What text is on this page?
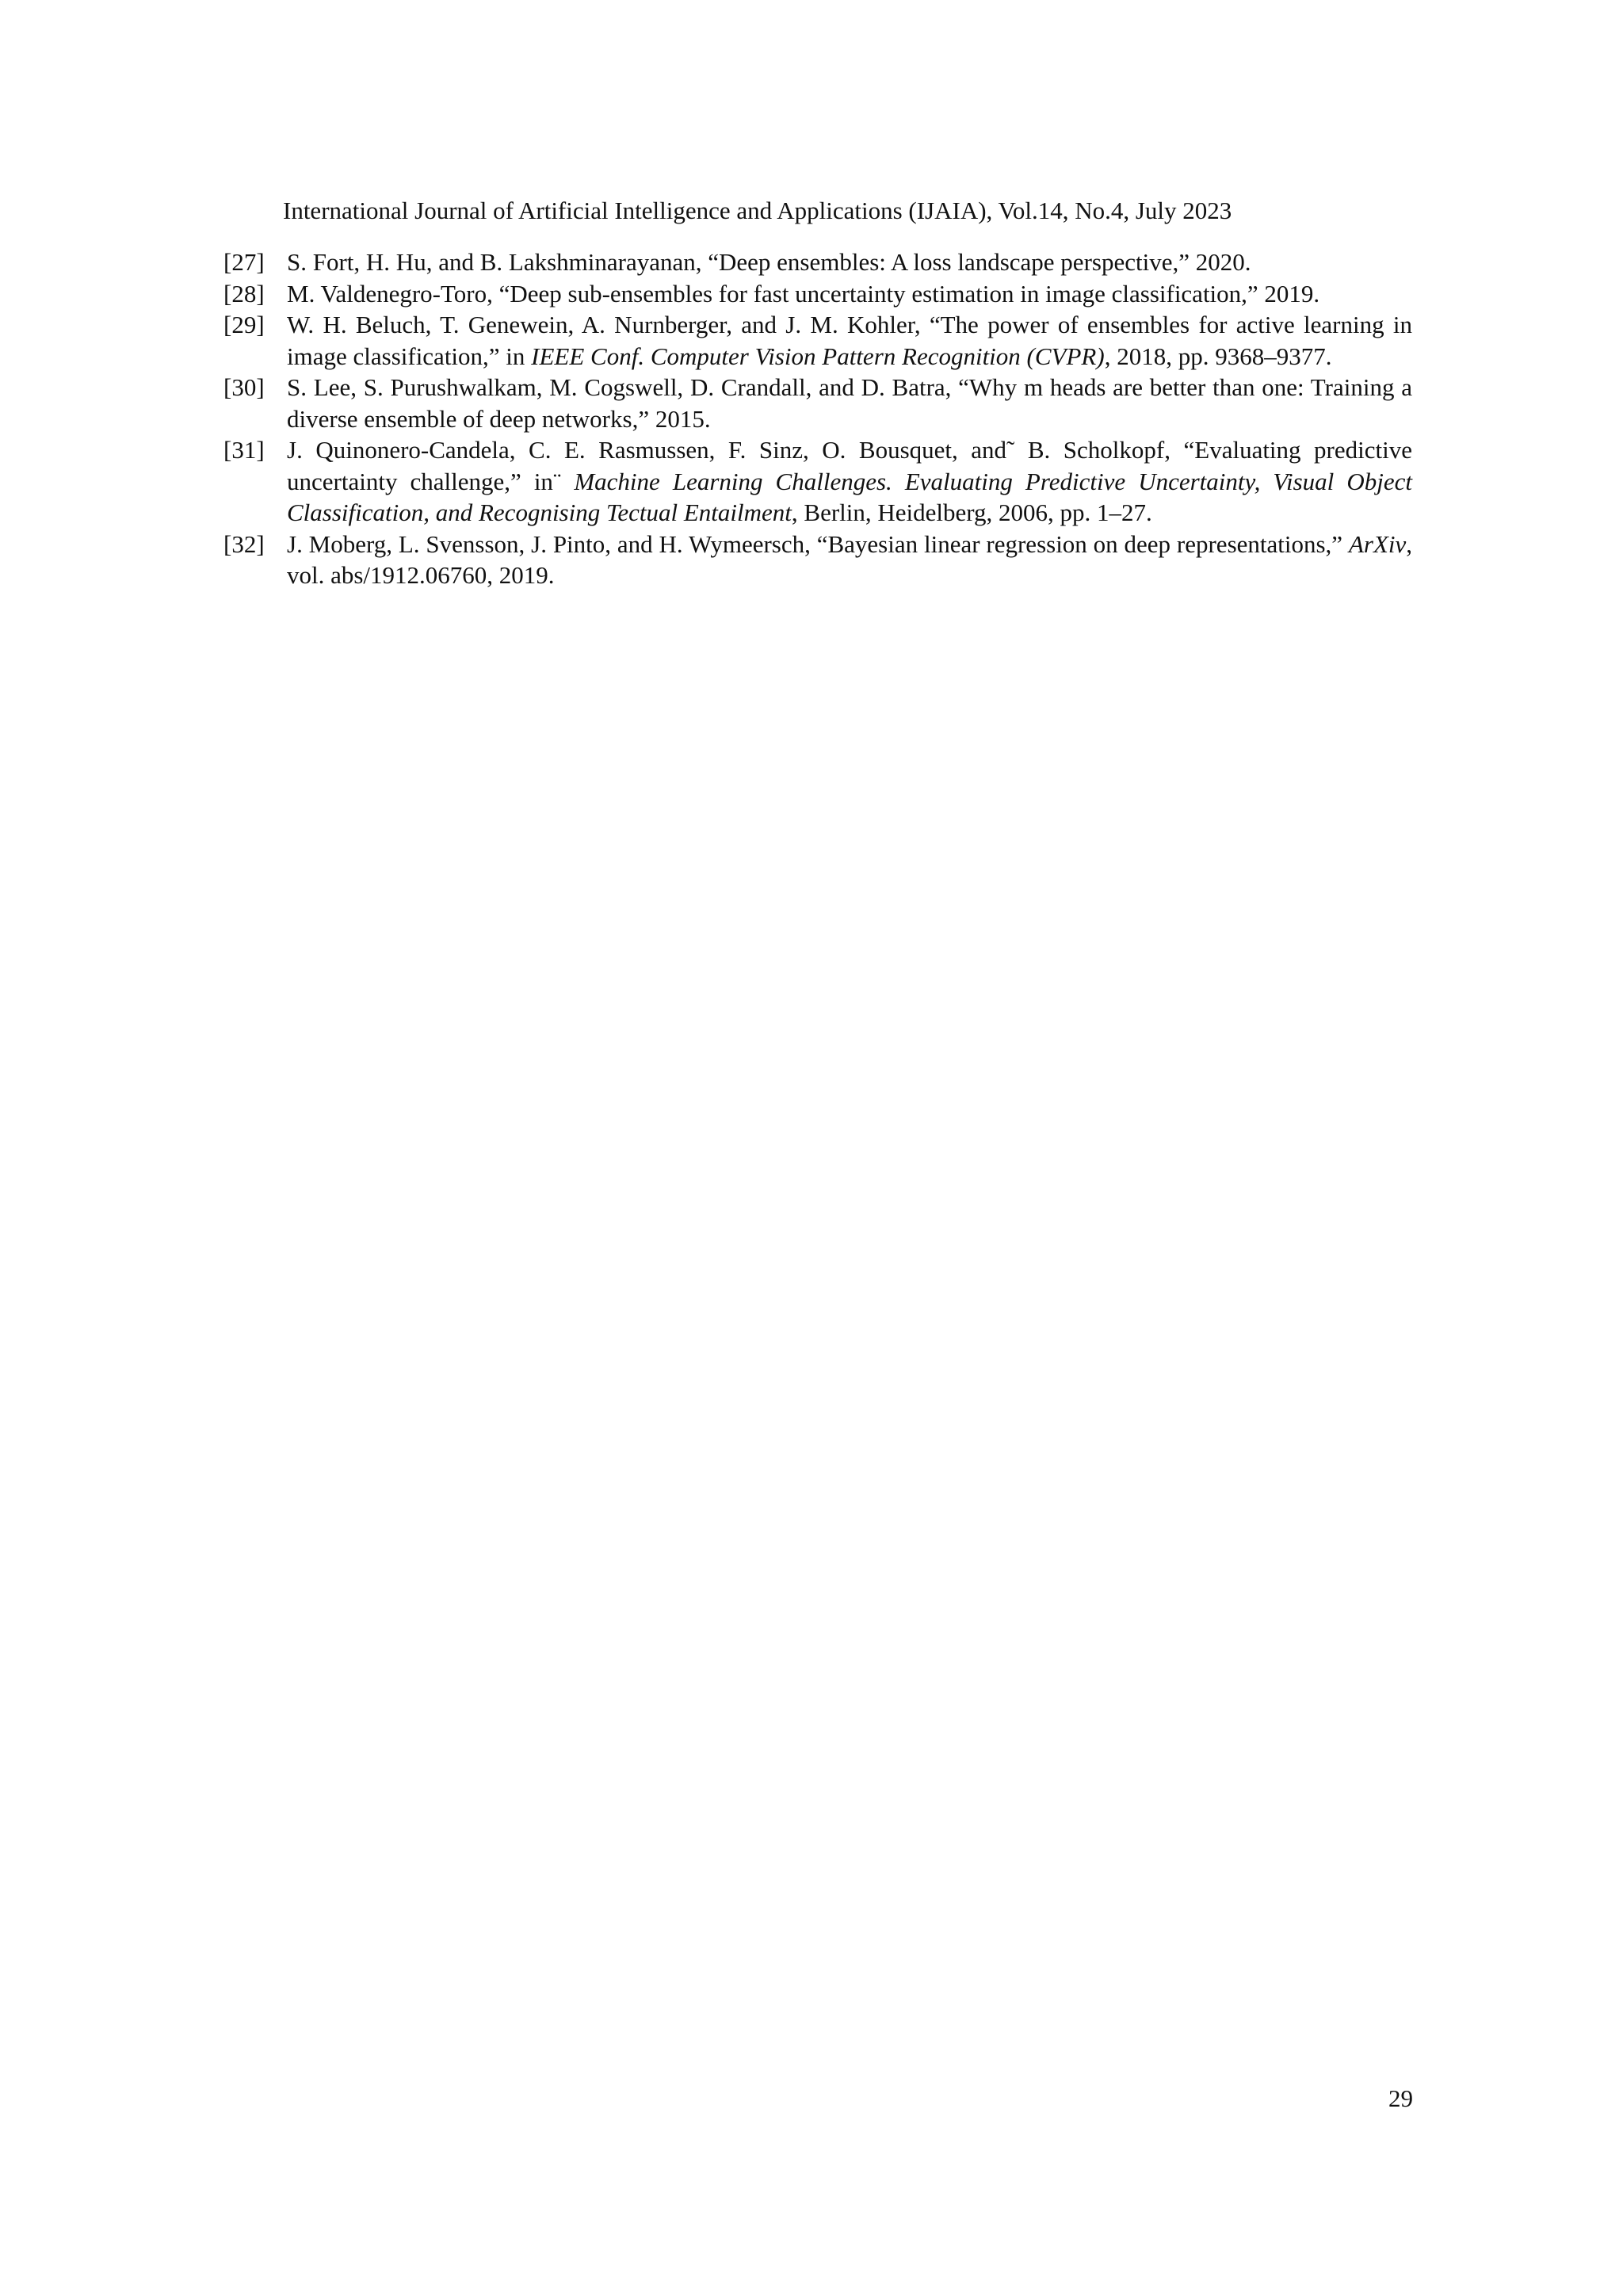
International Journal of Artificial Intelligence and Applications (IJAIA), Vol.14, No.4, July 2023
[27] S. Fort, H. Hu, and B. Lakshminarayanan, “Deep ensembles: A loss landscape perspective,” 2020.
[28] M. Valdenegro-Toro, “Deep sub-ensembles for fast uncertainty estimation in image classification,” 2019.
[29] W. H. Beluch, T. Genewein, A. Nurnberger, and J. M. Kohler, “The power of ensembles for active learning in image classification,” in IEEE Conf. Computer Vision Pattern Recognition (CVPR), 2018, pp. 9368–9377.
[30] S. Lee, S. Purushwalkam, M. Cogswell, D. Crandall, and D. Batra, “Why m heads are better than one: Training a diverse ensemble of deep networks,” 2015.
[31] J. Quinonero-Candela, C. E. Rasmussen, F. Sinz, O. Bousquet, and˜ B. Scholkopf, “Evaluating predictive uncertainty challenge,” in¨ Machine Learning Challenges. Evaluating Predictive Uncertainty, Visual Object Classification, and Recognising Tectual Entailment, Berlin, Heidelberg, 2006, pp. 1–27.
[32] J. Moberg, L. Svensson, J. Pinto, and H. Wymeersch, “Bayesian linear regression on deep representations,” ArXiv, vol. abs/1912.06760, 2019.
29
